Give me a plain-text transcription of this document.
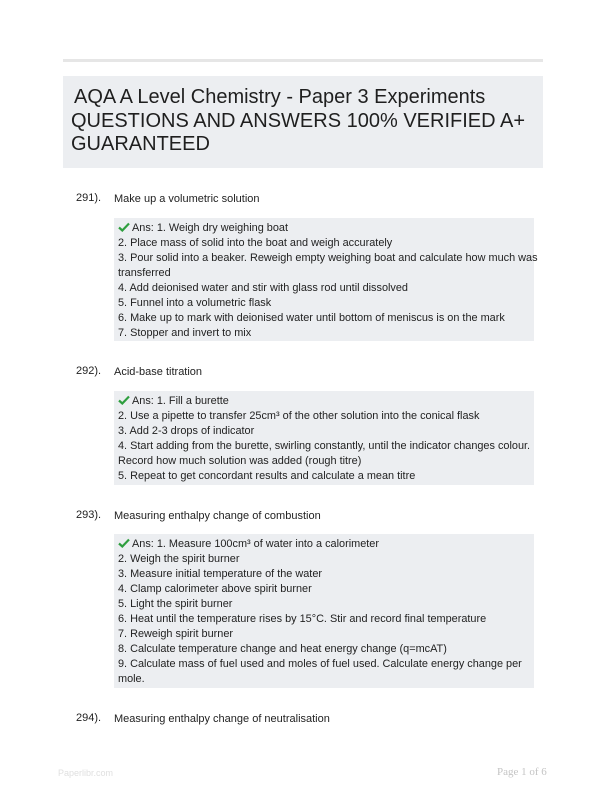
AQA A Level Chemistry - Paper 3 Experiments
QUESTIONS AND ANSWERS 100% VERIFIED A+
GUARANTEED
291). Make up a volumetric solution
Ans: 1. Weigh dry weighing boat
2. Place mass of solid into the boat and weigh accurately
3. Pour solid into a beaker. Reweigh empty weighing boat and calculate how much was
transferred
4. Add deionised water and stir with glass rod until dissolved
5. Funnel into a volumetric flask
6. Make up to mark with deionised water until bottom of meniscus is on the mark
7. Stopper and invert to mix
292). Acid-base titration
Ans: 1. Fill a burette
2. Use a pipette to transfer 25cm³ of the other solution into the conical flask
3. Add 2-3 drops of indicator
4. Start adding from the burette, swirling constantly, until the indicator changes colour.
Record how much solution was added (rough titre)
5. Repeat to get concordant results and calculate a mean titre
293). Measuring enthalpy change of combustion
Ans: 1. Measure 100cm³ of water into a calorimeter
2. Weigh the spirit burner
3. Measure initial temperature of the water
4. Clamp calorimeter above spirit burner
5. Light the spirit burner
6. Heat until the temperature rises by 15°C. Stir and record final temperature
7. Reweigh spirit burner
8. Calculate temperature change and heat energy change (q=mcAT)
9. Calculate mass of fuel used and moles of fuel used. Calculate energy change per
mole.
294). Measuring enthalpy change of neutralisation
Paperlibr.com	Page 1 of 6
